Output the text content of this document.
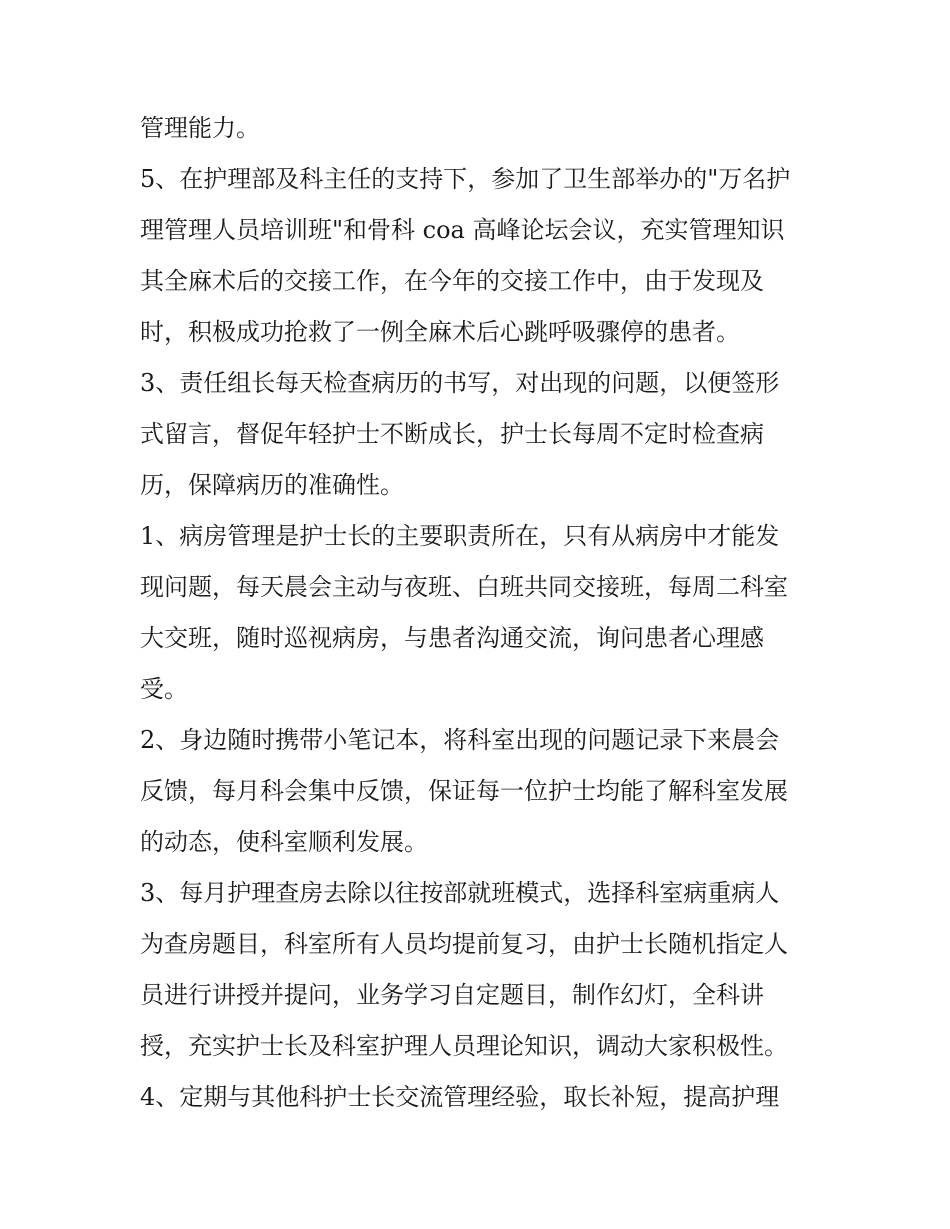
管理能力。
5、在护理部及科主任的支持下，参加了卫生部举办的"万名护
理管理人员培训班"和骨科 coa 高峰论坛会议，充实管理知识
其全麻术后的交接工作，在今年的交接工作中，由于发现及
时，积极成功抢救了一例全麻术后心跳呼吸骤停的患者。
3、责任组长每天检查病历的书写，对出现的问题，以便签形
式留言，督促年轻护士不断成长，护士长每周不定时检查病
历，保障病历的准确性。
1、病房管理是护士长的主要职责所在，只有从病房中才能发
现问题，每天晨会主动与夜班、白班共同交接班，每周二科室
大交班，随时巡视病房，与患者沟通交流，询问患者心理感
受。
2、身边随时携带小笔记本，将科室出现的问题记录下来晨会
反馈，每月科会集中反馈，保证每一位护士均能了解科室发展
的动态，使科室顺利发展。
3、每月护理查房去除以往按部就班模式，选择科室病重病人
为查房题目，科室所有人员均提前复习，由护士长随机指定人
员进行讲授并提问，业务学习自定题目，制作幻灯，全科讲
授，充实护士长及科室护理人员理论知识，调动大家积极性。
4、定期与其他科护士长交流管理经验，取长补短，提高护理
